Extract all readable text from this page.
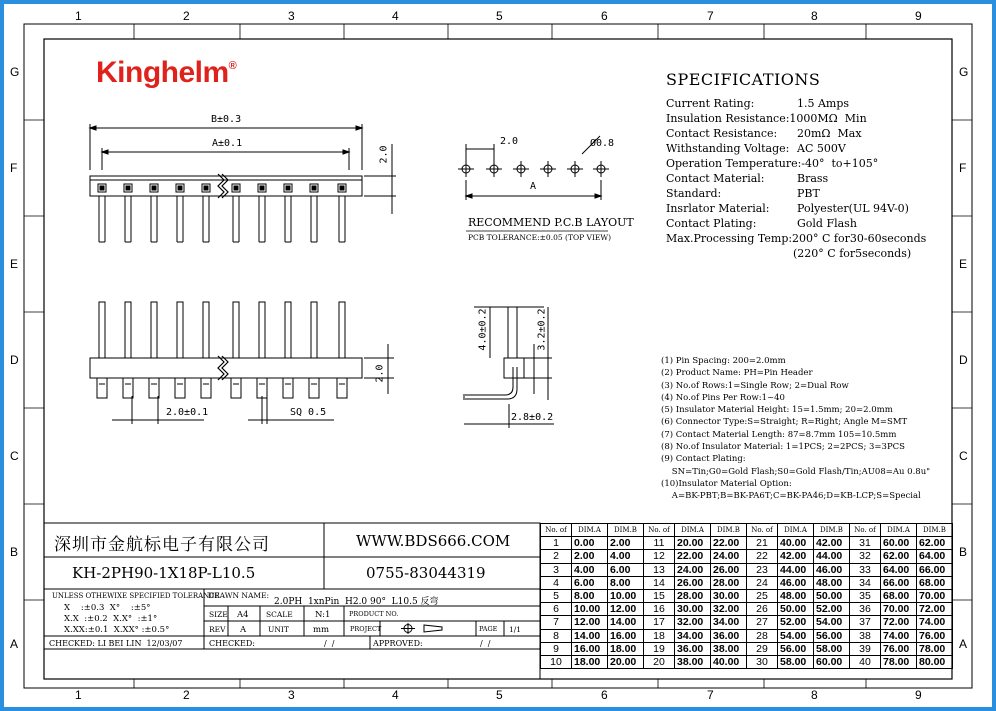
1
1
2
2
3
3
4
4
5
5
6
6
7
7
8
8
9
9
G	G
F	F
E	E
D	D
C	C
B	B
A	A
Kinghelm®
B±0.3
A±0.1
2.0
2.0
2.0±0.1	SQ 0.5
2.0	Ø0.8
A
4.0±0.2	3.2±0.2
2.8±0.2
RECOMMEND P.C.B LAYOUT
PCB TOLERANCE:±0.05 (TOP VIEW)
SPECIFICATIONS
Current Rating:	1.5 Amps
Insulation Resistance:1000MΩ  Min
Contact Resistance: 20mΩ  Max
Withstanding Voltage: AC 500V
Operation Temperature:-40°  to+105°
Contact Material:	Brass
Standard:	PBT
Insrlator Material: Polyester(UL 94V-0)
Contact Plating:	Gold Flash
Max.Processing Temp: 200° C for30-60seconds
(220° C for5seconds)
(1) Pin Spacing: 200=2.0mm
(2) Product Name: PH=Pin Header
(3) No.of Rows:1=Single Row; 2=Dual Row
(4) No.of Pins Per Row:1~40
(5) Insulator Material Height: 15=1.5mm; 20=2.0mm
(6) Connector Type:S=Straight; R=Right; Angle M=SMT
(7) Contact Material Length: 87=8.7mm 105=10.5mm
(8) No.of Insulator Material: 1=1PCS; 2=2PCS; 3=3PCS
(9) Contact Plating:
SN=Tin;G0=Gold Flash;S0=Gold Flash/Tin;AU08=Au 0.8u"
(10)Insulator Material Option:
A=BK-PBT;B=BK-PA6T;C=BK-PA46;D=KB-LCP;S=Special
深圳市金航标电子有限公司	WWW.BDS666.COM
KH-2PH90-1X18P-L10.5	0755-83044319
UNLESS OTHEWIXE SPECIFIED TOLERANCE
X    :±0.3  X°    :±5°
X.X  :±0.2  X.X°  :±1°
X.XX:±0.1  X.XX° :±0.5°
DRAWN NAME:
2.0PH  1xnPin  H2.0 90°  L10.5 反弯
SIZE A4 SCALE	N:1	PRODUCT NO.
REV A	UNIT	mm	PROJECT	PAGE 1/1
CHECKED: LI BEI LIN  12/03/07	CHECKED:	/  /	APPROVED:	/  /
No. of	DIM.A	DIM.B	No. of	DIM.A	DIM.B	No. of	DIM.A	DIM.B	No. of	DIM.A	DIM.B
1	0.00	2.00	11	20.00	22.00	21	40.00	42.00	31	60.00	62.00
2	2.00	4.00	12	22.00	24.00	22	42.00	44.00	32	62.00	64.00
3	4.00	6.00	13	24.00	26.00	23	44.00	46.00	33	64.00	66.00
4	6.00	8.00	14	26.00	28.00	24	46.00	48.00	34	66.00	68.00
5	8.00	10.00	15	28.00	30.00	25	48.00	50.00	35	68.00	70.00
6	10.00	12.00	16	30.00	32.00	26	50.00	52.00	36	70.00	72.00
7	12.00	14.00	17	32.00	34.00	27	52.00	54.00	37	72.00	74.00
8	14.00	16.00	18	34.00	36.00	28	54.00	56.00	38	74.00	76.00
9	16.00	18.00	19	36.00	38.00	29	56.00	58.00	39	76.00	78.00
10	18.00	20.00	20	38.00	40.00	30	58.00	60.00	40	78.00	80.00
